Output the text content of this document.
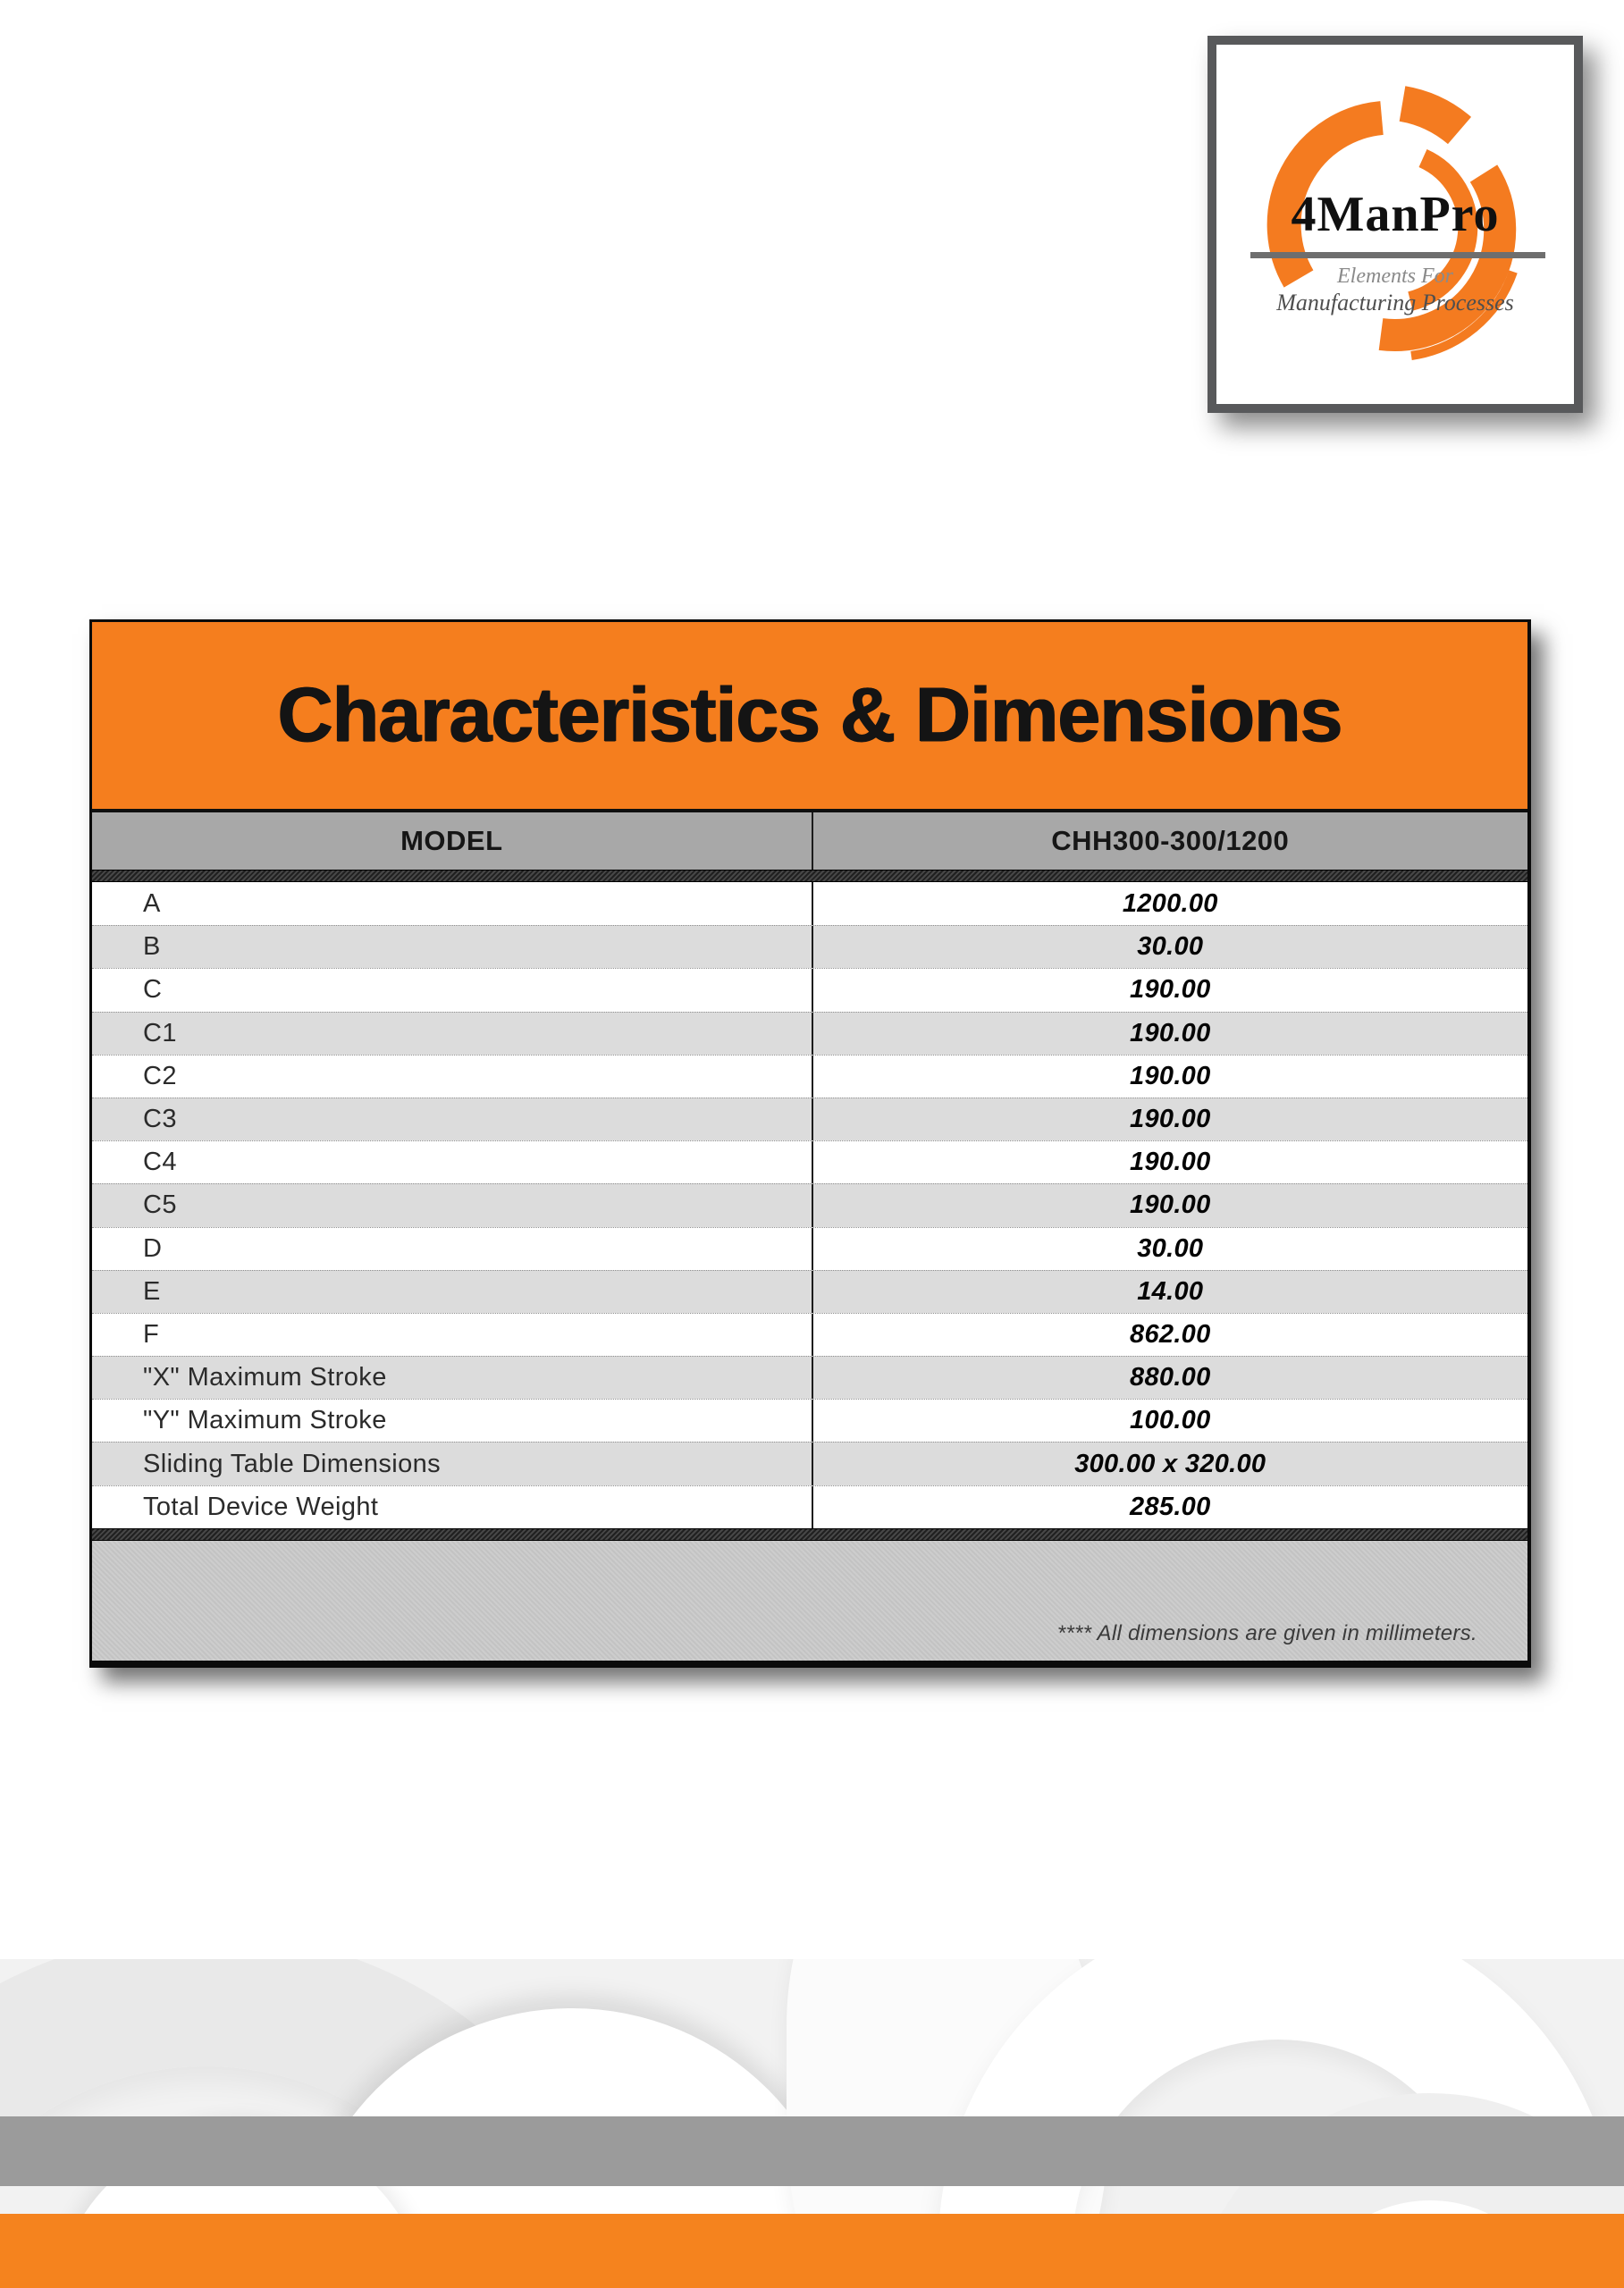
4ManPro
Elements For
Manufacturing Processes
Characteristics & Dimensions
MODEL	CHH300-300/1200
A	1200.00
B	30.00
C	190.00
C1	190.00
C2	190.00
C3	190.00
C4	190.00
C5	190.00
D	30.00
E	14.00
F	862.00
"X" Maximum Stroke	880.00
"Y" Maximum Stroke	100.00
Sliding Table Dimensions	300.00 x 320.00
Total Device Weight	285.00
**** All dimensions are given in millimeters.
